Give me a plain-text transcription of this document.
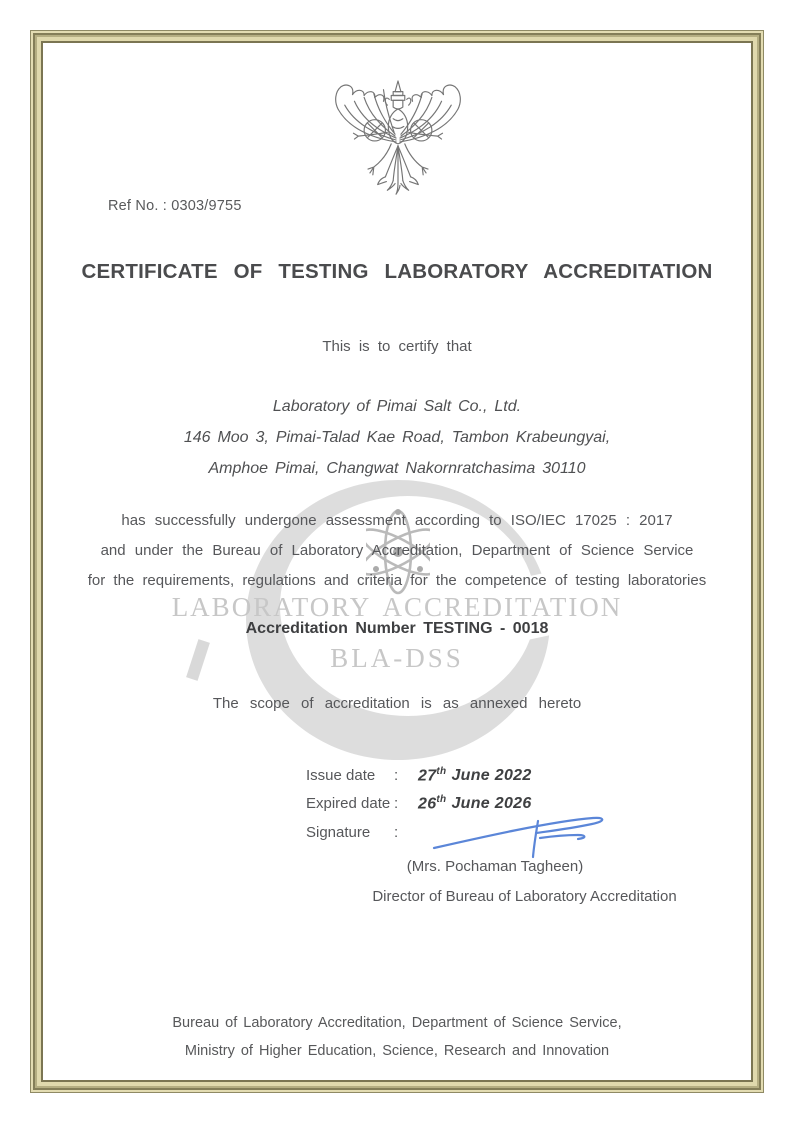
LABORATORY ACCREDITATION
BLA-DSS
Ref No. : 0303/9755
CERTIFICATE OF TESTING LABORATORY ACCREDITATION
This is to certify that
Laboratory of Pimai Salt Co., Ltd.
146 Moo 3, Pimai-Talad Kae Road, Tambon Krabeungyai,
Amphoe Pimai, Changwat Nakornratchasima 30110
has successfully undergone assessment according to ISO/IEC 17025 : 2017
and under the Bureau of Laboratory Accreditation, Department of Science Service
for the requirements, regulations and criteria for the competence of testing laboratories
Accreditation Number TESTING - 0018
The scope of accreditation is as annexed hereto
Issue date	:	27th June 2022
Expired date :	26th June 2026
Signature	:
(Mrs. Pochaman Tagheen)
Director of Bureau of Laboratory Accreditation
Bureau of Laboratory Accreditation, Department of Science Service,
Ministry of Higher Education, Science, Research and Innovation
